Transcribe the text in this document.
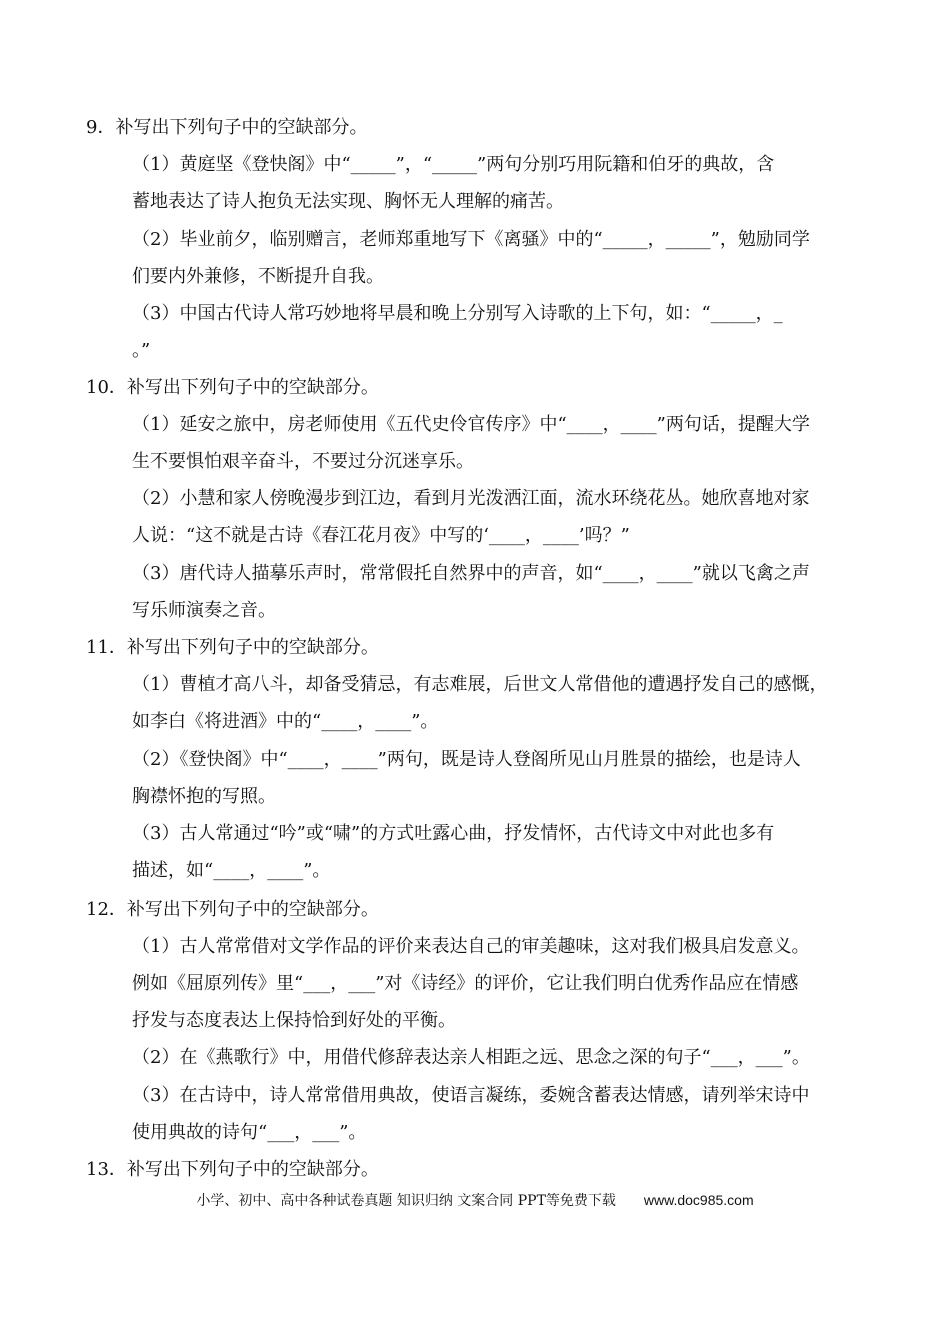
9．补写出下列句子中的空缺部分。
（1）黄庭坚《登快阁》中“_____”，“_____”两句分别巧用阮籍和伯牙的典故，含
蓄地表达了诗人抱负无法实现、胸怀无人理解的痛苦。
（2）毕业前夕，临别赠言，老师郑重地写下《离骚》中的“_____，_____”，勉励同学
们要内外兼修，不断提升自我。
（3）中国古代诗人常巧妙地将早晨和晚上分别写入诗歌的上下句，如：“_____，_
。”
10．补写出下列句子中的空缺部分。
（1）延安之旅中，房老师使用《五代史伶官传序》中“____，____”两句话，提醒大学
生不要惧怕艰辛奋斗，不要过分沉迷享乐。
（2）小慧和家人傍晚漫步到江边，看到月光泼洒江面，流水环绕花丛。她欣喜地对家
人说：“这不就是古诗《春江花月夜》中写的‘____，____’吗？”
（3）唐代诗人描摹乐声时，常常假托自然界中的声音，如“____，____”就以飞禽之声
写乐师演奏之音。
11．补写出下列句子中的空缺部分。
（1）曹植才高八斗，却备受猜忌，有志难展，后世文人常借他的遭遇抒发自己的感慨，
如李白《将进酒》中的“____，____”。
（2）《登快阁》中“____，____”两句，既是诗人登阁所见山月胜景的描绘，也是诗人
胸襟怀抱的写照。
（3）古人常通过“吟”或“啸”的方式吐露心曲，抒发情怀，古代诗文中对此也多有
描述，如“____，____”。
12．补写出下列句子中的空缺部分。
（1）古人常常借对文学作品的评价来表达自己的审美趣味，这对我们极具启发意义。
例如《屈原列传》里“___，___”对《诗经》的评价，它让我们明白优秀作品应在情感
抒发与态度表达上保持恰到好处的平衡。
（2）在《燕歌行》中，用借代修辞表达亲人相距之远、思念之深的句子“___，___”。
（3）在古诗中，诗人常常借用典故，使语言凝练，委婉含蓄表达情感，请列举宋诗中
使用典故的诗句“___，___”。
13．补写出下列句子中的空缺部分。
小学、初中、高中各种试卷真题 知识归纳 文案合同 PPT等免费下载 www.doc985.com
